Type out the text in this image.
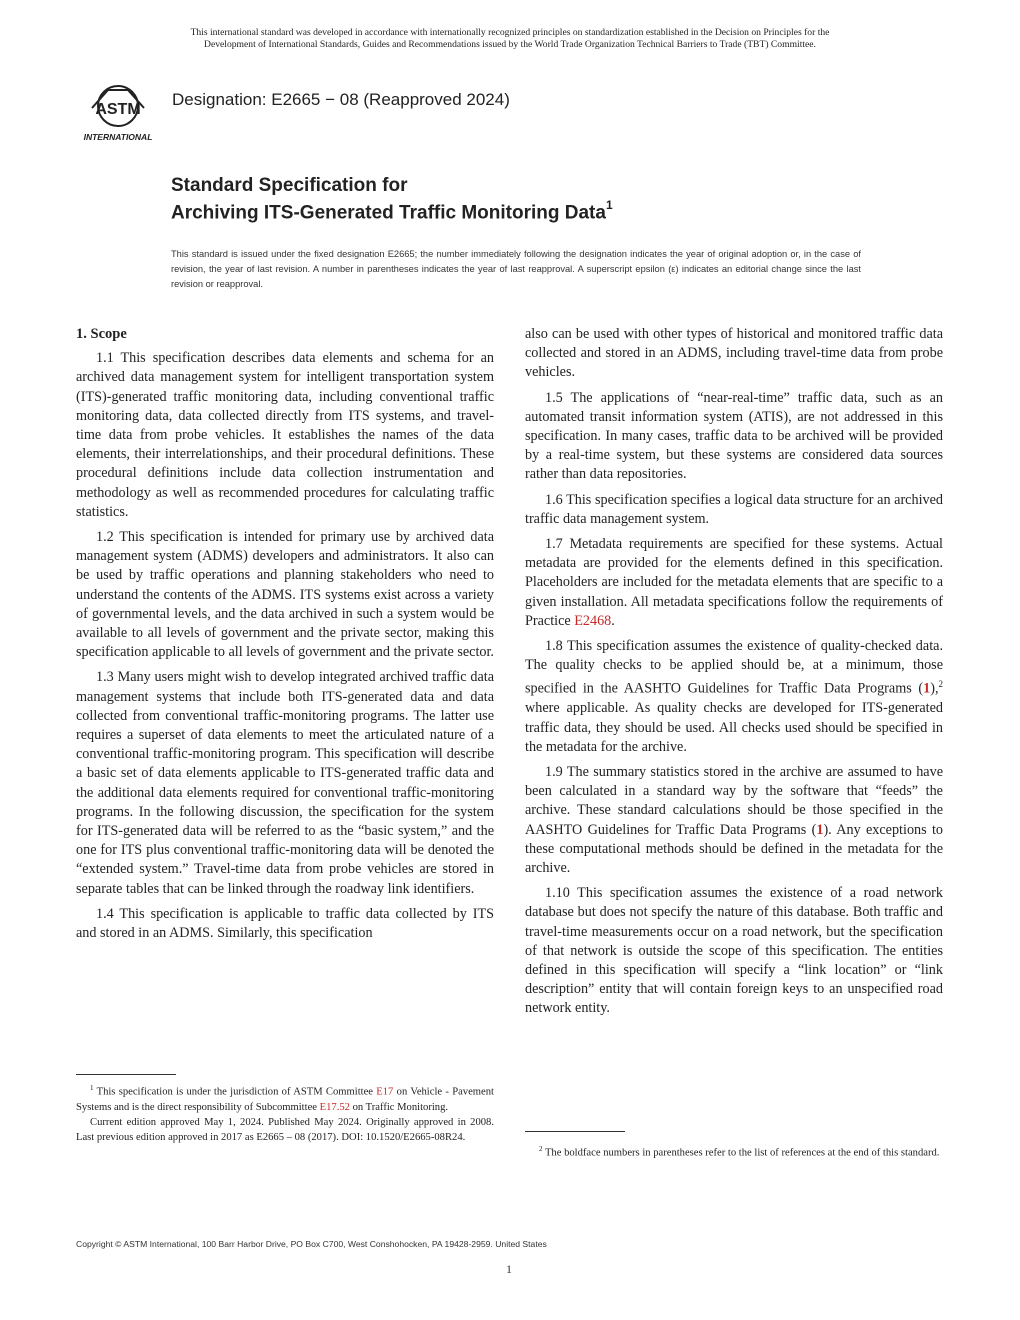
This international standard was developed in accordance with internationally recognized principles on standardization established in the Decision on Principles for the
Development of International Standards, Guides and Recommendations issued by the World Trade Organization Technical Barriers to Trade (TBT) Committee.
ASTM
INTERNATIONAL
Designation: E2665 − 08 (Reapproved 2024)
Standard Specification for
Archiving ITS-Generated Traffic Monitoring Data$^1$
This standard is issued under the fixed designation E2665; the number immediately following the designation indicates the year of original adoption or, in the case of revision, the year of last revision. A number in parentheses indicates the year of last reapproval. A superscript epsilon (ε) indicates an editorial change since the last revision or reapproval.
1. Scope

1.1 This specification describes data elements and schema for an archived data management system for intelligent transportation system (ITS)-generated traffic monitoring data, including conventional traffic monitoring data, data collected directly from ITS systems, and travel-time data from probe vehicles. It establishes the names of the data elements, their interrelationships, and their procedural definitions. These procedural definitions include data collection instrumentation and methodology as well as recommended procedures for calculating traffic statistics.

1.2 This specification is intended for primary use by archived data management system (ADMS) developers and administrators. It also can be used by traffic operations and planning stakeholders who need to understand the contents of the ADMS. ITS systems exist across a variety of governmental levels, and the data archived in such a system would be available to all levels of government and the private sector, making this specification applicable to all levels of government and the private sector.

1.3 Many users might wish to develop integrated archived traffic data management systems that include both ITS-generated data and data collected from conventional traffic-monitoring programs. The latter use requires a superset of data elements to meet the articulated nature of a conventional traffic-monitoring program. This specification will describe a basic set of data elements applicable to ITS-generated traffic data and the additional data elements required for conventional traffic-monitoring programs. In the following discussion, the specification for the system for ITS-generated data will be referred to as the “basic system,” and the one for ITS plus conventional traffic-monitoring data will be denoted the “extended system.” Travel-time data from probe vehicles are stored in separate tables that can be linked through the roadway link identifiers.

1.4 This specification is applicable to traffic data collected by ITS and stored in an ADMS. Similarly, this specification

also can be used with other types of historical and monitored traffic data collected and stored in an ADMS, including travel-time data from probe vehicles.

1.5 The applications of “near-real-time” traffic data, such as an automated transit information system (ATIS), are not addressed in this specification. In many cases, traffic data to be archived will be provided by a real-time system, but these systems are considered data sources rather than data repositories.

1.6 This specification specifies a logical data structure for an archived traffic data management system.

1.7 Metadata requirements are specified for these systems. Actual metadata are provided for the elements defined in this specification. Placeholders are included for the metadata elements that are specific to a given installation. All metadata specifications follow the requirements of Practice E2468.

1.8 This specification assumes the existence of quality-checked data. The quality checks to be applied should be, at a minimum, those specified in the AASHTO Guidelines for Traffic Data Programs (1),$^2$ where applicable. As quality checks are developed for ITS-generated traffic data, they should be used. All checks used should be specified in the metadata for the archive.

1.9 The summary statistics stored in the archive are assumed to have been calculated in a standard way by the software that “feeds” the archive. These standard calculations should be those specified in the AASHTO Guidelines for Traffic Data Programs (1). Any exceptions to these computational methods should be defined in the metadata for the archive.

1.10 This specification assumes the existence of a road network database but does not specify the nature of this database. Both traffic and travel-time measurements occur on a road network, but the specification of that network is outside the scope of this specification. The entities defined in this specification will specify a “link location” or “link description” entity that will contain foreign keys to an unspecified road network entity.

$^1$ This specification is under the jurisdiction of ASTM Committee E17 on Vehicle - Pavement Systems and is the direct responsibility of Subcommittee E17.52 on Traffic Monitoring.

Current edition approved May 1, 2024. Published May 2024. Originally approved in 2008. Last previous edition approved in 2017 as E2665 – 08 (2017). DOI: 10.1520/E2665-08R24.

$^2$ The boldface numbers in parentheses refer to the list of references at the end of this standard.

Copyright © ASTM International, 100 Barr Harbor Drive, PO Box C700, West Conshohocken, PA 19428-2959. United States
1
